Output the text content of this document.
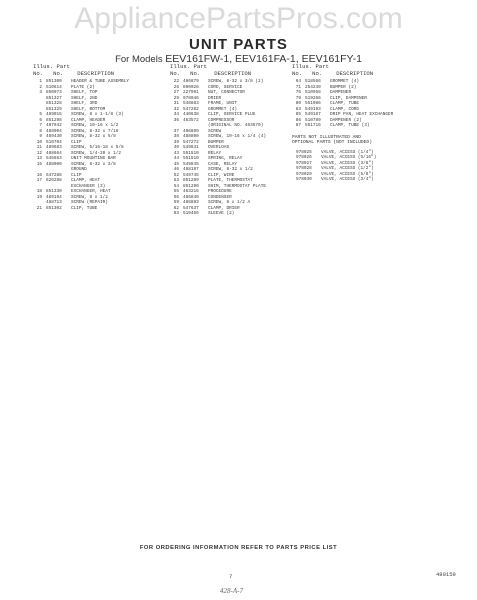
AppliancePartsPros.com
UNIT PARTS
For Models EEV161FW-1, EEV161FA-1, EEV161FY-1
Illus. Part
No.   No.	DESCRIPTION
1 851300	HEADER & TUBE ASSEMBLY
2 510614	PLATE (2)
3 850073	SHELF, TOP
851327	SHELF, 2ND
851328	SHELF, 3RD
851329	SHELF, BOTTOM
5 489015	SCREW, 8 x 1-1/8 (3)
6 851298	CLAMP, HEADER
7 487942	SCREW, 10-16 x 1/2
8 488004	SCREW, 8-32 x 7/16
9 489430	SCREW, 8-32 x 5/8
10 510704	CLIP
11 489683	SCREW, 5/16-18 x 5/8
12 488664	SCREW, 1/4-20 x 1/2
13 545663	UNIT MOUNTING BAR
15 488000	SCREW, 8-32 x 3/8
GROUND
16 547288	CLIP
17 626288	CLAMP, HEAT
EXCHANGER (3)
18 851330	EXCHANGER, HEAT
19 489194	SCREW, 8 x 1/2
488713	SCREW (REPAIR)
21 851302	CLIP, TUBE
Illus. Part
No.   No.	DESCRIPTION
22 486879	SCREW, 8-32 x 3/8 (2)
26 890026	CORD, SERVICE
27 227991	NUT, CONNECTOR
29 978046	DRIER
31 548883	FRAME, UNIT
32 547282	GROMMET (4)
34 440638	CLIP, SERVICE PLUG
36 463572	COMPRESSOR
(ORIGINAL NO. 463570)
37 486899	SCREW
38 488800	SCREW, 10-16 x 1/4 (4)
39 547272	BUMPER
40 549841	OVERLOAD
43 551510	RELAY
44 551510	SPRING, RELAY
45 549845	CASE, RELAY
46 488197	SCREW, 8-32 x 1/2
52 549745	CLIP, WIRE
53 851289	PLATE, THERMOSTAT
54 851290	SHIM, THERMOSTAT PLATE
55 463216	PROCEDURE
56 486840	CONDENSER
59 486893	SCREW, 8 x 1/2 A
62 547637	CLAMP, DRIER
63 510466	SLEEVE (2)
Illus. Part
No.   No.	DESCRIPTION
64 518566	GROMMET (4)
71 254249	BUMPER (2)
76 510958	DAMPENER
79 519266	CLIP, DAMPENER
80 551086	CLAMP, TUBE
83 549193	CLAMP, CORD
85 549187	DRIP PAN, HEAT EXCHANGER
86 510789	DAMPENER (2)
87 551716	CLAMP, TUBE (3)
PARTS NOT ILLUSTRATED AND
OPTIONAL PARTS (NOT INCLUDED)
978025	VALVE, ACCESS (1/4")
978026	VALVE, ACCESS (5/16")
978027	VALVE, ACCESS (3/8")
978028	VALVE, ACCESS (1/2")
978029	VALVE, ACCESS (5/8")
978030	VALVE, ACCESS (3/4")
FOR ORDERING INFORMATION REFER TO PARTS PRICE LIST
7	480159
428-A-7
